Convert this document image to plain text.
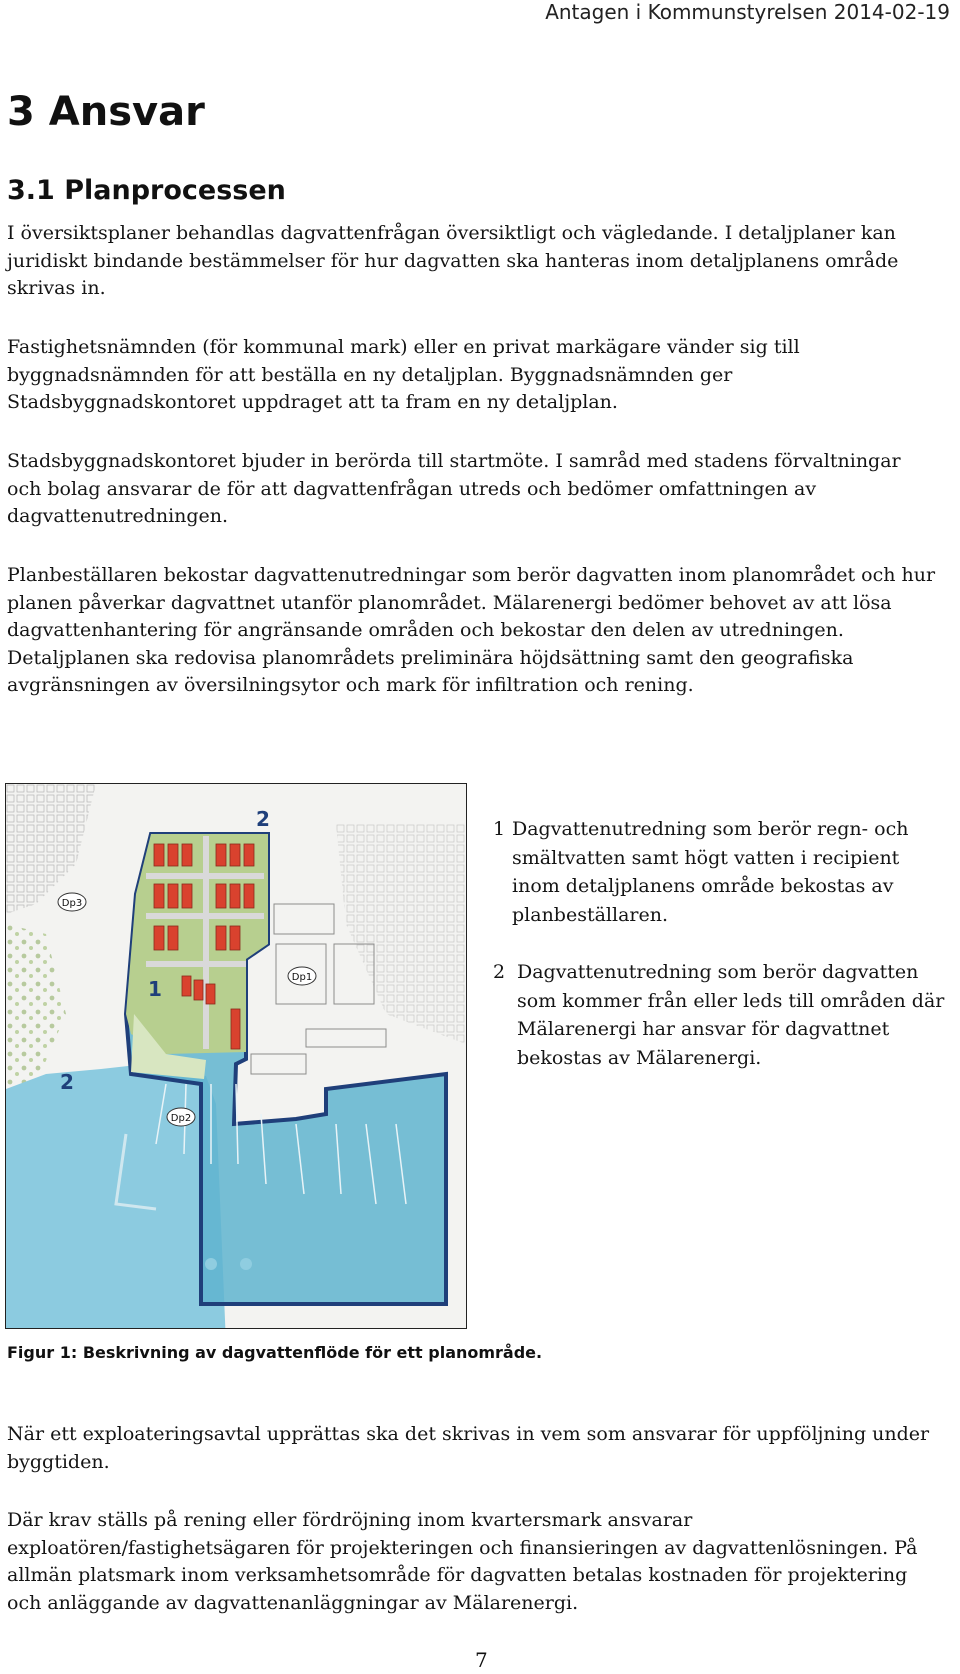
Antagen i Kommunstyrelsen 2014-02-19
3 Ansvar
3.1 Planprocessen

I översiktsplaner behandlas dagvattenfrågan översiktligt och vägledande. I detaljplaner kan juridiskt bindande bestämmelser för hur dagvatten ska hanteras inom detaljplanens område skrivas in.

Fastighetsnämnden (för kommunal mark) eller en privat markägare vänder sig till byggnadsnämnden för att beställa en ny detaljplan. Byggnadsnämnden ger Stadsbyggnadskontoret uppdraget att ta fram en ny detaljplan.

Stadsbyggnadskontoret bjuder in berörda till startmöte. I samråd med stadens förvaltningar och bolag ansvarar de för att dagvattenfrågan utreds och bedömer omfattningen av dagvattenutredningen.

Planbeställaren bekostar dagvattenutredningar som berör dagvatten inom planområdet och hur planen påverkar dagvattnet utanför planområdet. Mälarenergi bedömer behovet av att lösa dagvattenhantering för angränsande områden och bekostar den delen av utredningen. Detaljplanen ska redovisa planområdets preliminära höjdsättning samt den geografiska avgränsningen av översilningsytor och mark för infiltration och rening.

2
1
2
Dp3
Dp1
Dp2
1 Dagvattenutredning som berör regn- och smältvatten samt högt vatten i recipient inom detaljplanens område bekostas av planbeställaren.
2 Dagvattenutredning som berör dagvatten som kommer från eller leds till områden där Mälarenergi har ansvar för dagvattnet bekostas av Mälarenergi.

Figur 1: Beskrivning av dagvattenflöde för ett planområde.

När ett exploateringsavtal upprättas ska det skrivas in vem som ansvarar för uppföljning under byggtiden.

Där krav ställs på rening eller fördröjning inom kvartersmark ansvarar exploatören/fastighetsägaren för projekteringen och finansieringen av dagvattenlösningen. På allmän platsmark inom verksamhetsområde för dagvatten betalas kostnaden för projektering och anläggande av dagvattenanläggningar av Mälarenergi.

7
